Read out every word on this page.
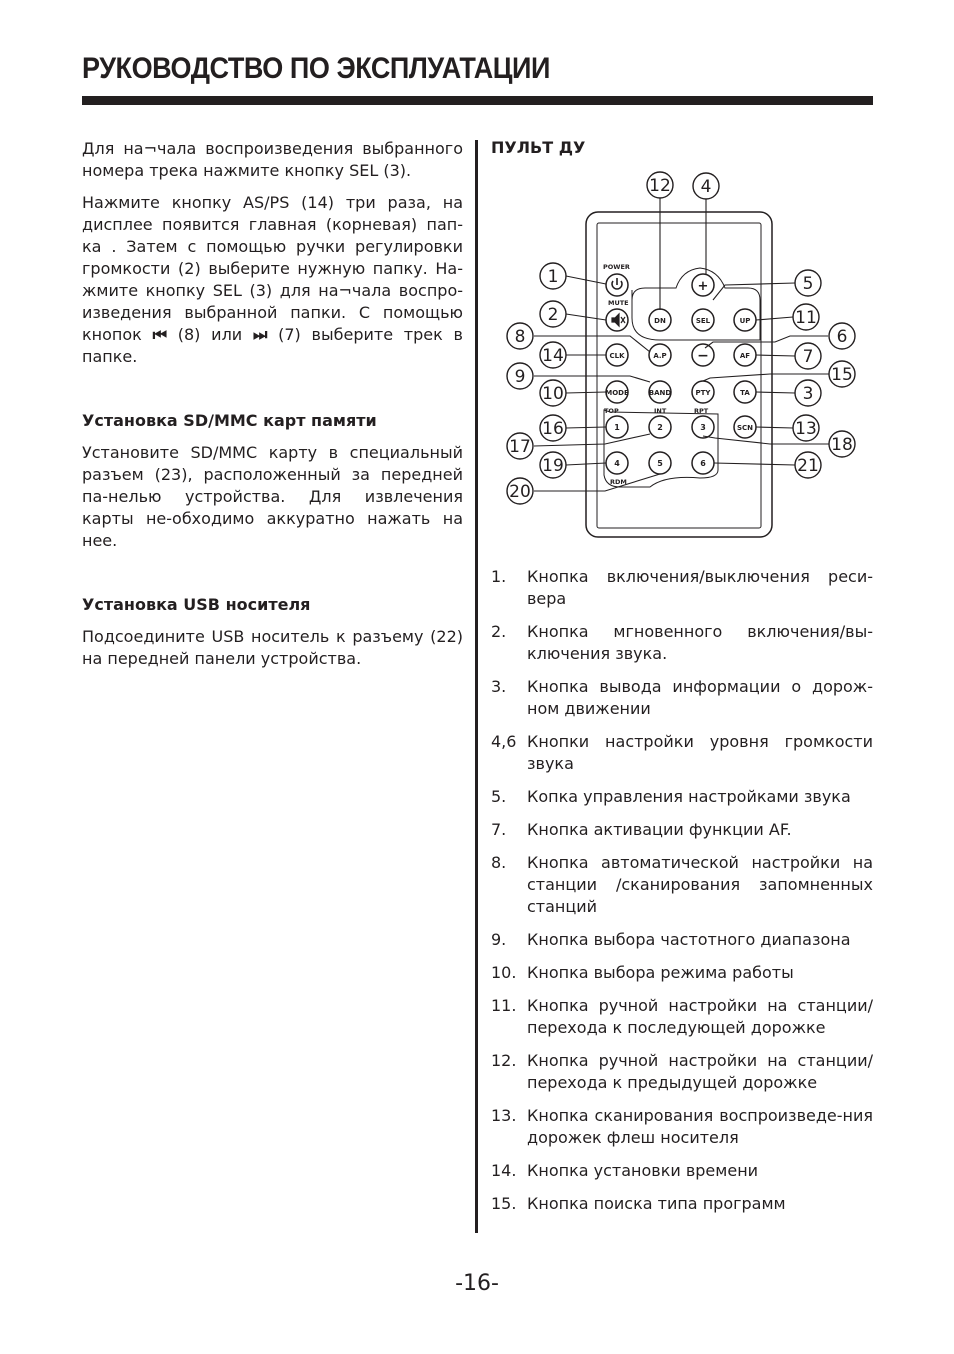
РУКОВОДСТВО ПО ЭКСПЛУАТАЦИИ

Для на¬чала воспроизведения выбранного номера трека нажмите кнопку SEL (3).

Нажмите кнопку AS/PS (14) три раза, на дисплее появится главная (корневая) пап-ка . Затем с помощью ручки регулировки громкости (2) выберите нужную папку. На-жмите кнопку SEL (3) для на¬чала воспро-изведения выбранной папки. С помощью кнопок ⏮ (8) или ⏭ (7) выберите трек в папке.

Установка SD/MMC карт памяти

Установите SD/MMC карту в специальный разъем (23), расположенный за передней па-нелью устройства. Для извлечения карты не-обходимо аккуратно нажать на нее.

Установка USB носителя

Подсоедините USB носитель к разъему (22) на передней панели устройства.

ПУЛЬТ ДУ
POWER
MUTE
TOP	INT	RPT
RDM
+
DN	SEL	UP
CLK	A.P −	AF
MODE	BAND	PTY	TA
1	2	3	SCN
4	5	6
12 4
1	5
2	11
8	6
14	7
15
9
10	3
16	13
17	18
19	21
20
1.	Кнопка включения/выключения реси-вера
2.	Кнопка мгновенного включения/вы-ключения звука.
3.	Кнопка вывода информации о дорож-ном движении
4,6 Кнопки настройки уровня громкости звука
5.	Копка управления настройками звука
7.	Кнопка активации функции AF.
8.	Кнопка автоматической настройки на станции /сканирования запомненных станций
9.	Кнопка выбора частотного диапазона
10. Кнопка выбора режима работы
11. Кнопка ручной настройки на станции/ перехода к последующей дорожке
12. Кнопка ручной настройки на станции/ перехода к предыдущей дорожке
13. Кнопка сканирования воспроизведе-ния дорожек флеш носителя
14. Кнопка установки времени
15. Кнопка поиска типа программ
-16-
